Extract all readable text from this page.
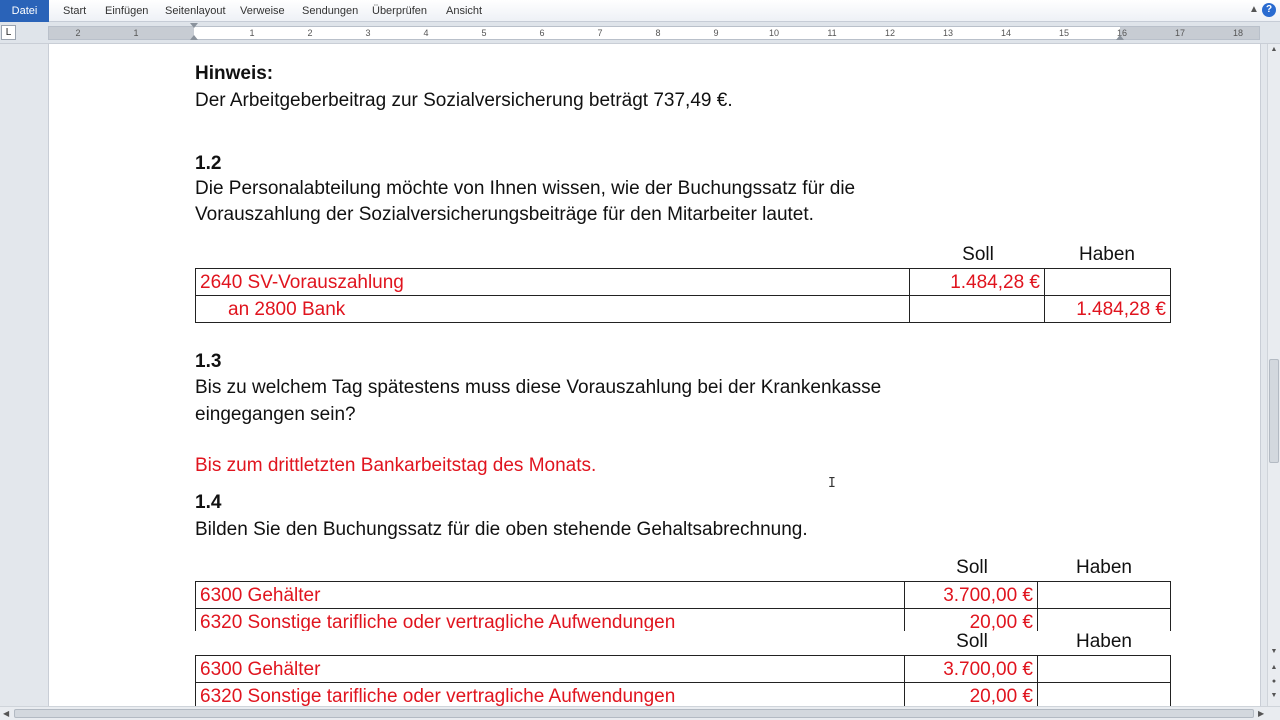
Datei	Start Einfügen Seitenlayout Verweise Sendungen Überprüfen Ansicht	▲ ?
L	2	1	1	2	3	4	5	6	7	8	9	10	11	12	13	14	15	16	17	18
Hinweis:
Der Arbeitgeberbeitrag zur Sozialversicherung beträgt 737,49 €.
1.2
Die Personalabteilung möchte von Ihnen wissen, wie der Buchungssatz für die
Vorauszahlung der Sozialversicherungsbeiträge für den Mitarbeiter lautet.
Soll	Haben
2640 SV-Vorauszahlung	1.484,28 €	
an 2800 Bank		1.484,28 €
1.3
Bis zu welchem Tag spätestens muss diese Vorauszahlung bei der Krankenkasse
eingegangen sein?
Bis zum drittletzten Bankarbeitstag des Monats.
1.4
Bilden Sie den Buchungssatz für die oben stehende Gehaltsabrechnung.
Soll	Haben
6300 Gehälter	3.700,00 €	
6320 Sonstige tarifliche oder vertragliche Aufwendungen	20,00 €	
Soll	Haben
6300 Gehälter	3.700,00 €	
6320 Sonstige tarifliche oder vertragliche Aufwendungen	20,00 €	
I
▲
▼
▲
●
▼
◀	▶
